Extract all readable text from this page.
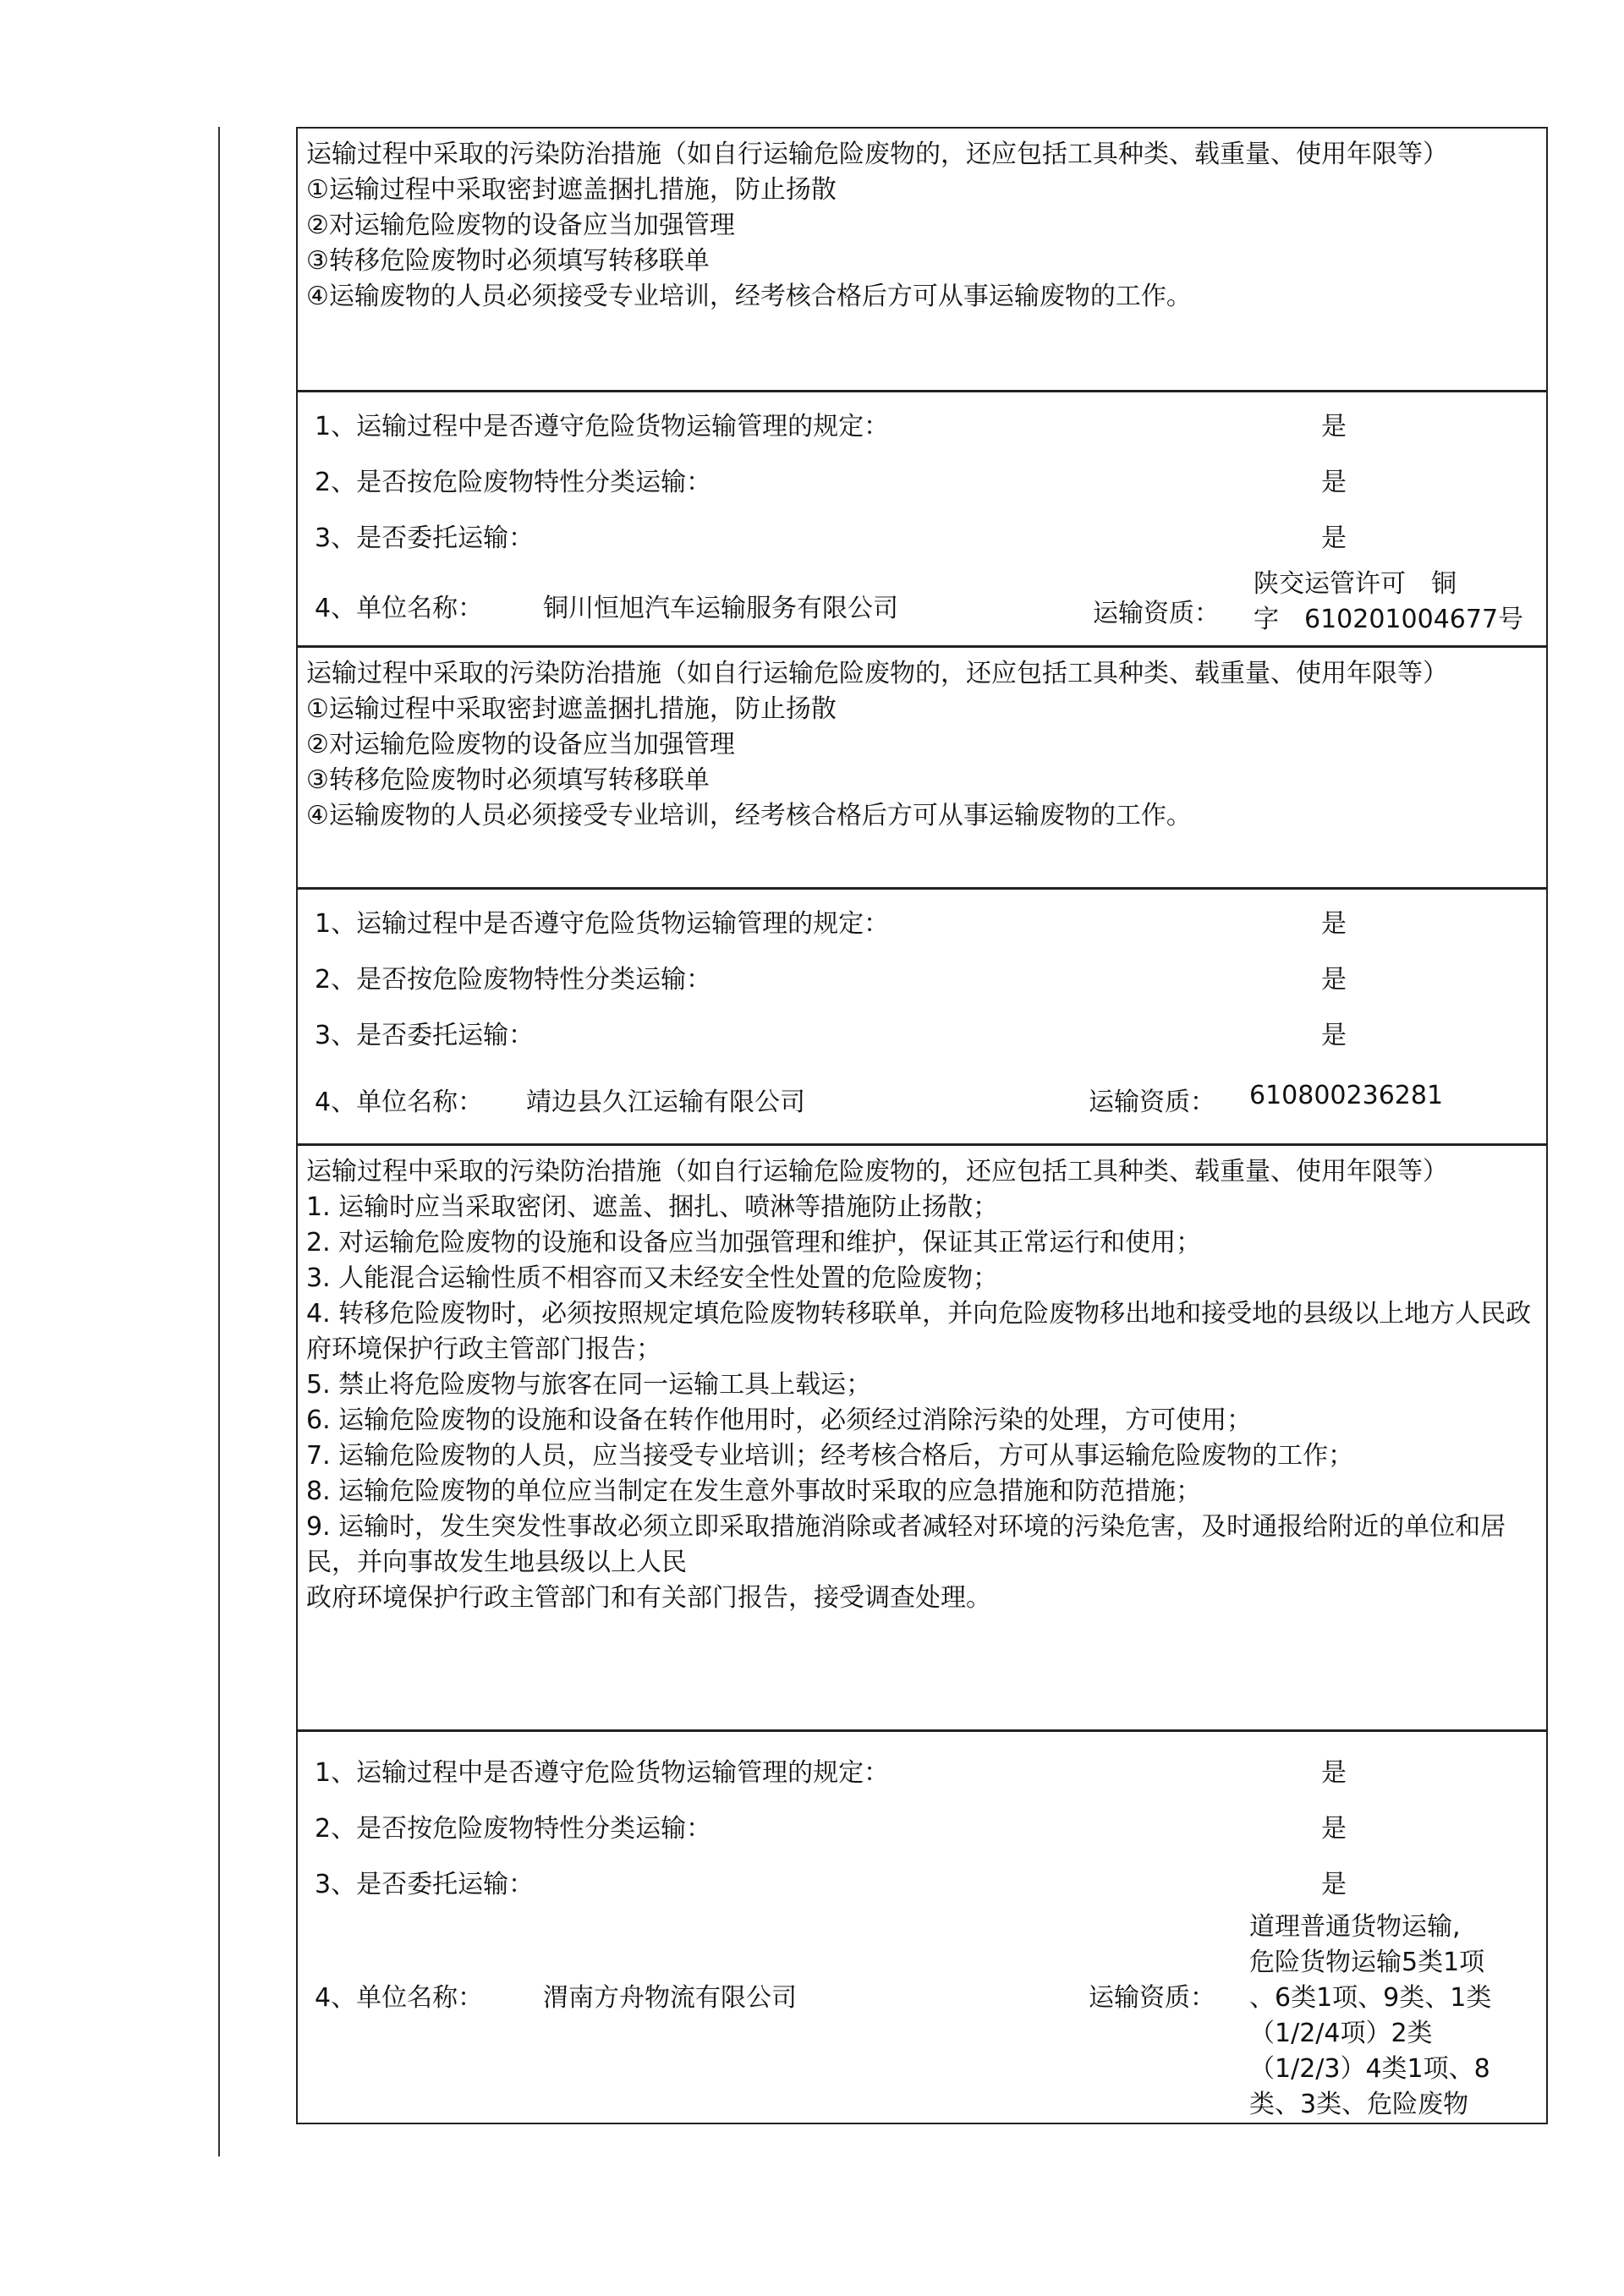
运输过程中采取的污染防治措施（如自行运输危险废物的，还应包括工具种类、载重量、使用年限等）
①运输过程中采取密封遮盖捆扎措施，防止扬散
②对运输危险废物的设备应当加强管理
③转移危险废物时必须填写转移联单
④运输废物的人员必须接受专业培训，经考核合格后方可从事运输废物的工作。
1、运输过程中是否遵守危险货物运输管理的规定：	是
2、是否按危险废物特性分类运输：	是
3、是否委托运输：	是
4、单位名称： 铜川恒旭汽车运输服务有限公司	运输资质：
陕交运管许可　铜
字　610201004677号
运输过程中采取的污染防治措施（如自行运输危险废物的，还应包括工具种类、载重量、使用年限等）
①运输过程中采取密封遮盖捆扎措施，防止扬散
②对运输危险废物的设备应当加强管理
③转移危险废物时必须填写转移联单
④运输废物的人员必须接受专业培训，经考核合格后方可从事运输废物的工作。
1、运输过程中是否遵守危险货物运输管理的规定：	是
2、是否按危险废物特性分类运输：	是
3、是否委托运输：	是
4、单位名称： 靖边县久江运输有限公司	运输资质： 610800236281
运输过程中采取的污染防治措施（如自行运输危险废物的，还应包括工具种类、载重量、使用年限等）
1. 运输时应当采取密闭、遮盖、捆扎、喷淋等措施防止扬散；
2. 对运输危险废物的设施和设备应当加强管理和维护，保证其正常运行和使用；
3. 人能混合运输性质不相容而又未经安全性处置的危险废物；
4. 转移危险废物时，必须按照规定填危险废物转移联单，并向危险废物移出地和接受地的县级以上地方人民政府环境保护行政主管部门报告；
5. 禁止将危险废物与旅客在同一运输工具上载运；
6. 运输危险废物的设施和设备在转作他用时，必须经过消除污染的处理，方可使用；
7. 运输危险废物的人员，应当接受专业培训；经考核合格后，方可从事运输危险废物的工作；
8. 运输危险废物的单位应当制定在发生意外事故时采取的应急措施和防范措施；
9. 运输时，发生突发性事故必须立即采取措施消除或者减轻对环境的污染危害，及时通报给附近的单位和居民，并向事故发生地县级以上人民
政府环境保护行政主管部门和有关部门报告，接受调查处理。
1、运输过程中是否遵守危险货物运输管理的规定：	是
2、是否按危险废物特性分类运输：	是
3、是否委托运输：	是
4、单位名称： 渭南方舟物流有限公司	运输资质：
道理普通货物运输,
危险货物运输5类1项
、6类1项、9类、1类
（1/2/4项）2类
（1/2/3）4类1项、8
类、3类、危险废物
